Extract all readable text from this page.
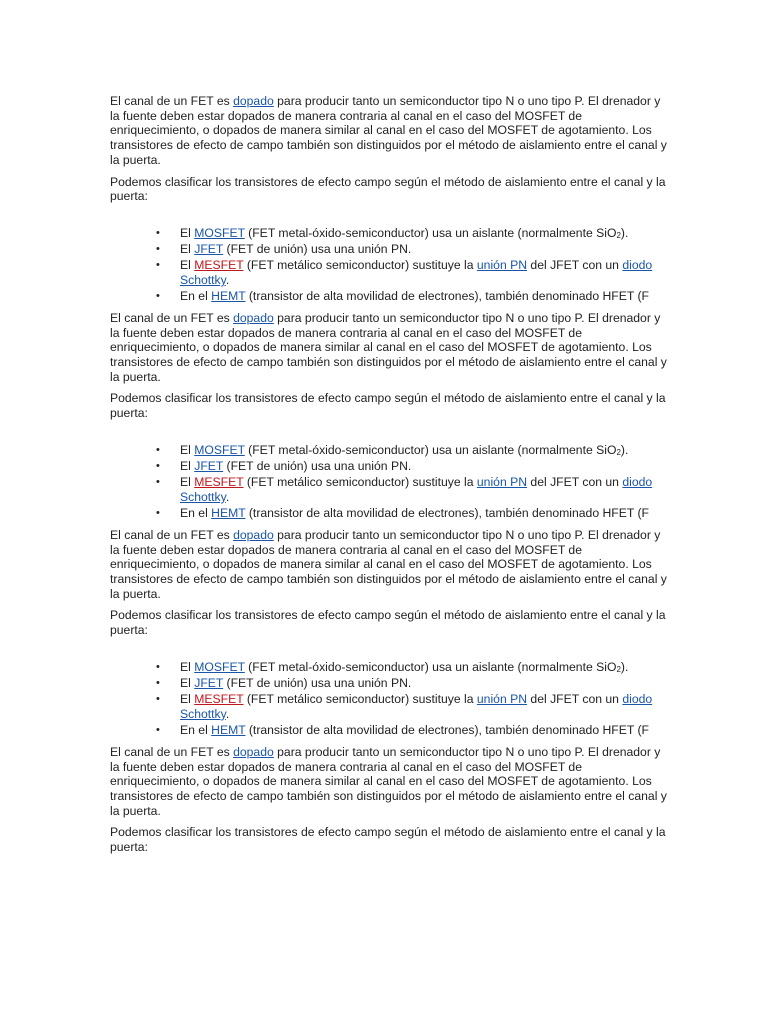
El canal de un FET es dopado para producir tanto un semiconductor tipo N o uno tipo P. El drenador y la fuente deben estar dopados de manera contraria al canal en el caso del MOSFET de enriquecimiento, o dopados de manera similar al canal en el caso del MOSFET de agotamiento. Los transistores de efecto de campo también son distinguidos por el método de aislamiento entre el canal y la puerta.

Podemos clasificar los transistores de efecto campo según el método de aislamiento entre el canal y la puerta:

• El MOSFET (FET metal-óxido-semiconductor) usa un aislante (normalmente SiO$_2$).
• El JFET (FET de unión) usa una unión PN.
• El MESFET (FET metálico semiconductor) sustituye la unión PN del JFET con un diodo Schottky.
• En el HEMT (transistor de alta movilidad de electrones), también denominado HFET (F

El canal de un FET es dopado para producir tanto un semiconductor tipo N o uno tipo P. El drenador y la fuente deben estar dopados de manera contraria al canal en el caso del MOSFET de enriquecimiento, o dopados de manera similar al canal en el caso del MOSFET de agotamiento. Los transistores de efecto de campo también son distinguidos por el método de aislamiento entre el canal y la puerta.

Podemos clasificar los transistores de efecto campo según el método de aislamiento entre el canal y la puerta:

• El MOSFET (FET metal-óxido-semiconductor) usa un aislante (normalmente SiO$_2$).
• El JFET (FET de unión) usa una unión PN.
• El MESFET (FET metálico semiconductor) sustituye la unión PN del JFET con un diodo Schottky.
• En el HEMT (transistor de alta movilidad de electrones), también denominado HFET (F

El canal de un FET es dopado para producir tanto un semiconductor tipo N o uno tipo P. El drenador y la fuente deben estar dopados de manera contraria al canal en el caso del MOSFET de enriquecimiento, o dopados de manera similar al canal en el caso del MOSFET de agotamiento. Los transistores de efecto de campo también son distinguidos por el método de aislamiento entre el canal y la puerta.

Podemos clasificar los transistores de efecto campo según el método de aislamiento entre el canal y la puerta:

• El MOSFET (FET metal-óxido-semiconductor) usa un aislante (normalmente SiO$_2$).
• El JFET (FET de unión) usa una unión PN.
• El MESFET (FET metálico semiconductor) sustituye la unión PN del JFET con un diodo Schottky.
• En el HEMT (transistor de alta movilidad de electrones), también denominado HFET (F

El canal de un FET es dopado para producir tanto un semiconductor tipo N o uno tipo P. El drenador y la fuente deben estar dopados de manera contraria al canal en el caso del MOSFET de enriquecimiento, o dopados de manera similar al canal en el caso del MOSFET de agotamiento. Los transistores de efecto de campo también son distinguidos por el método de aislamiento entre el canal y la puerta.

Podemos clasificar los transistores de efecto campo según el método de aislamiento entre el canal y la puerta:
